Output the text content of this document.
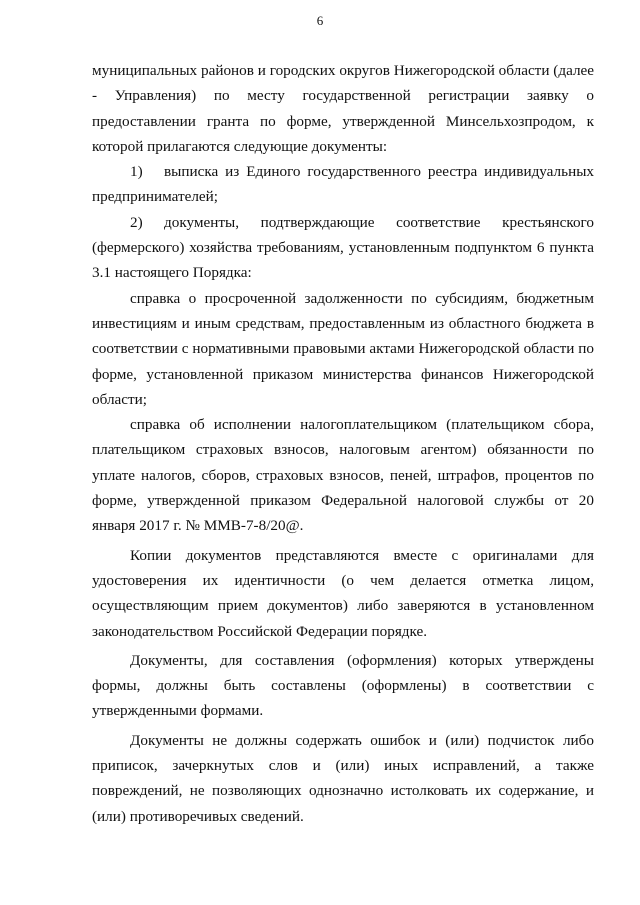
6

муниципальных районов и городских округов Нижегородской области (далее - Управления) по месту государственной регистрации заявку о предоставлении гранта по форме, утвержденной Минсельхозпродом, к которой прилагаются следующие документы:

1) выписка из Единого государственного реестра индивидуальных предпринимателей;

2) документы, подтверждающие соответствие крестьянского (фермерского) хозяйства требованиям, установленным подпунктом 6 пункта 3.1 настоящего Порядка:

справка о просроченной задолженности по субсидиям, бюджетным инвестициям и иным средствам, предоставленным из областного бюджета в соответствии с нормативными правовыми актами Нижегородской области по форме, установленной приказом министерства финансов Нижегородской области;

справка об исполнении налогоплательщиком (плательщиком сбора, плательщиком страховых взносов, налоговым агентом) обязанности по уплате налогов, сборов, страховых взносов, пеней, штрафов, процентов по форме, утвержденной приказом Федеральной налоговой службы от 20 января 2017 г. № ММВ-7-8/20@.

Копии документов представляются вместе с оригиналами для удостоверения их идентичности (о чем делается отметка лицом, осуществляющим прием документов) либо заверяются в установленном законодательством Российской Федерации порядке.

Документы, для составления (оформления) которых утверждены формы, должны быть составлены (оформлены) в соответствии с утвержденными формами.

Документы не должны содержать ошибок и (или) подчисток либо приписок, зачеркнутых слов и (или) иных исправлений, а также повреждений, не позволяющих однозначно истолковать их содержание, и (или) противоречивых сведений.
